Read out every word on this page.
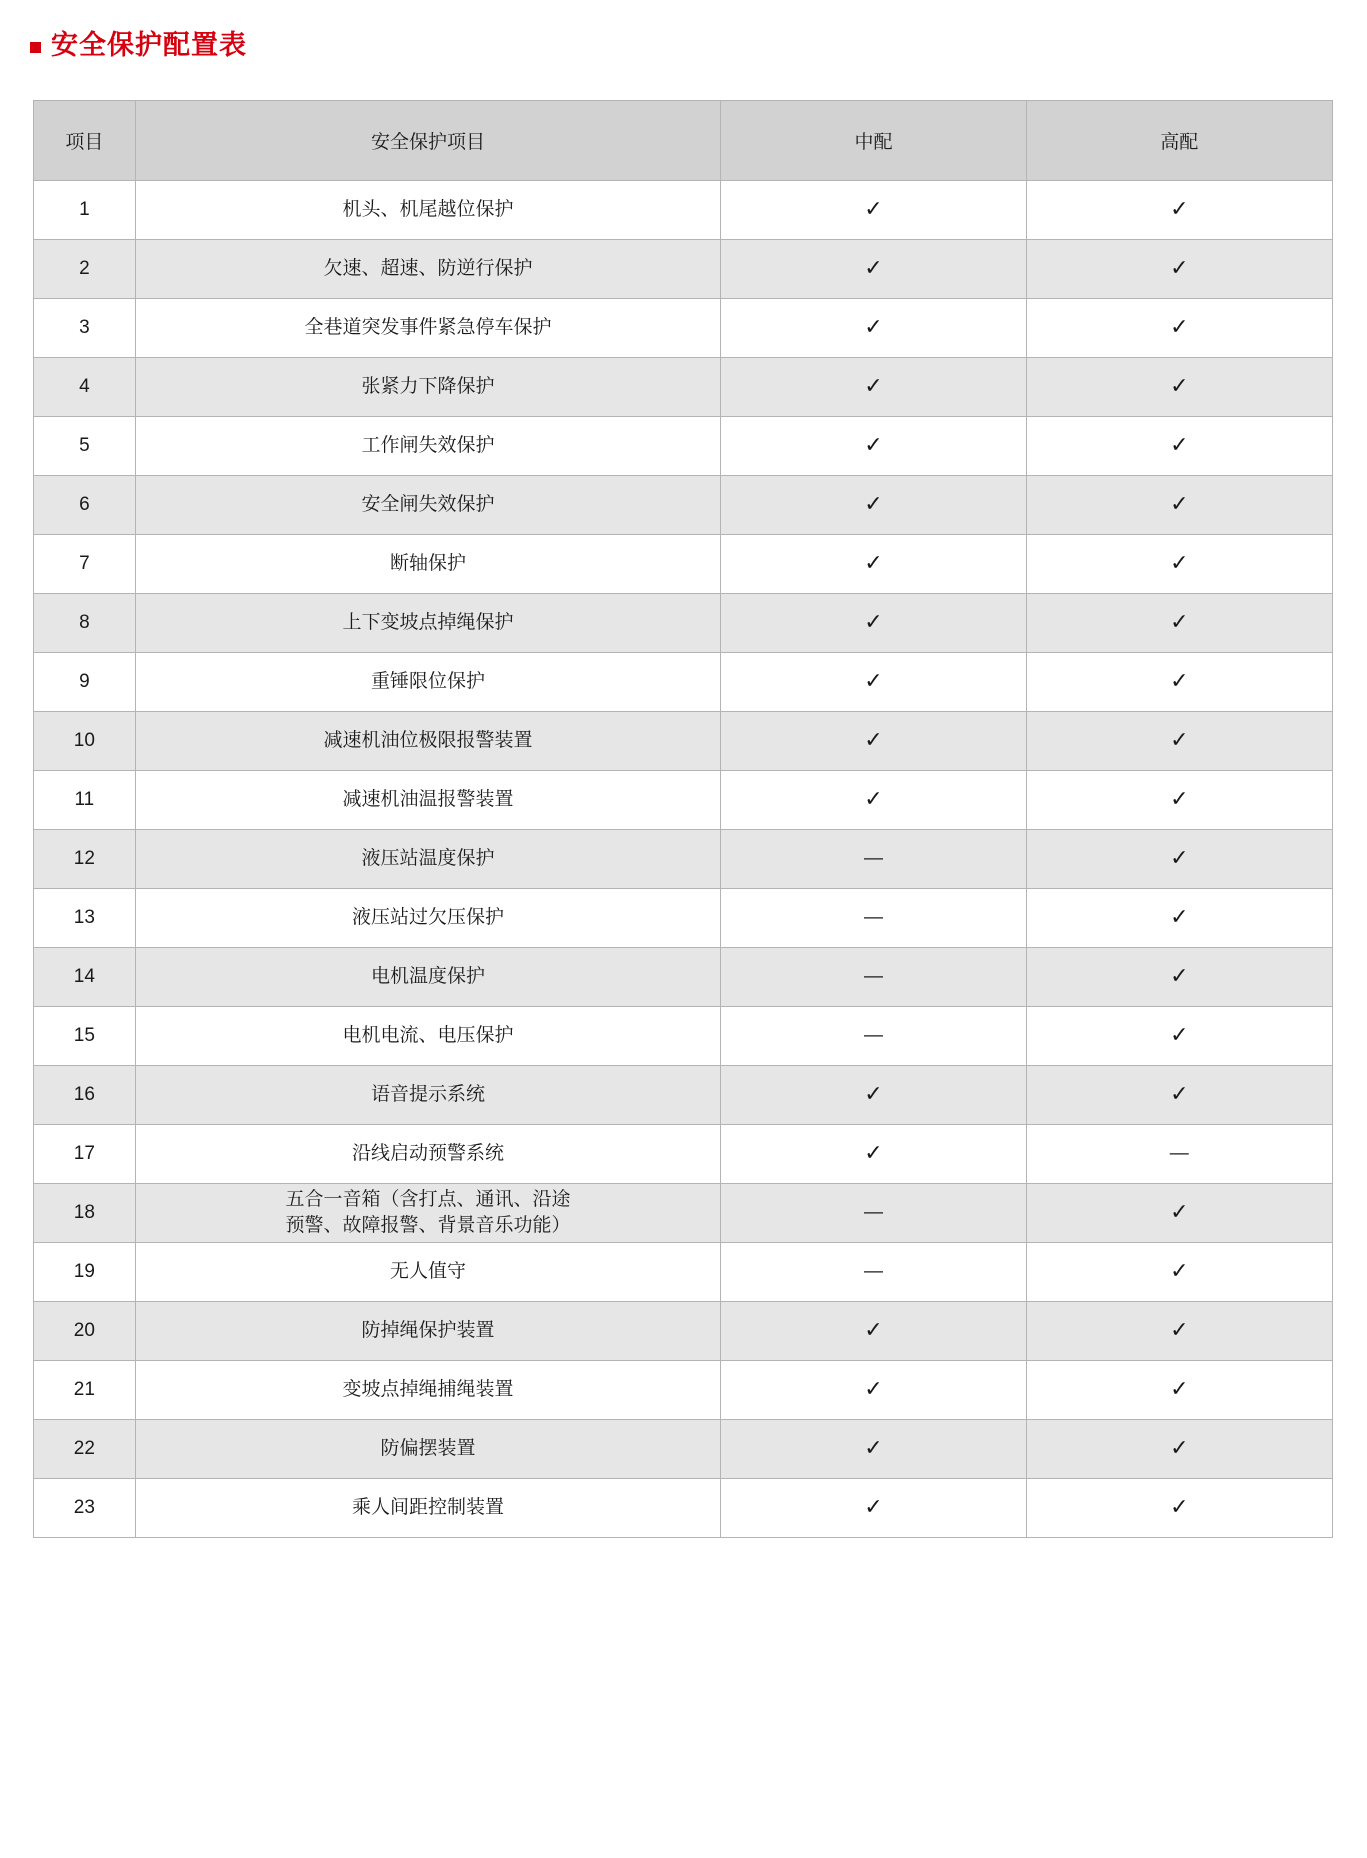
安全保护配置表
项目	安全保护项目	中配	高配
1	机头、机尾越位保护	✓	✓
2	欠速、超速、防逆行保护	✓	✓
3	全巷道突发事件紧急停车保护	✓	✓
4	张紧力下降保护	✓	✓
5	工作闸失效保护	✓	✓
6	安全闸失效保护	✓	✓
7	断轴保护	✓	✓
8	上下变坡点掉绳保护	✓	✓
9	重锤限位保护	✓	✓
10	减速机油位极限报警装置	✓	✓
11	减速机油温报警装置	✓	✓
12	液压站温度保护	—	✓
13	液压站过欠压保护	—	✓
14	电机温度保护	—	✓
15	电机电流、电压保护	—	✓
16	语音提示系统	✓	✓
17	沿线启动预警系统	✓	—
18	五合一音箱（含打点、通讯、沿途
预警、故障报警、背景音乐功能）	—	✓
19	无人值守	—	✓
20	防掉绳保护装置	✓	✓
21	变坡点掉绳捕绳装置	✓	✓
22	防偏摆装置	✓	✓
23	乘人间距控制装置	✓	✓
